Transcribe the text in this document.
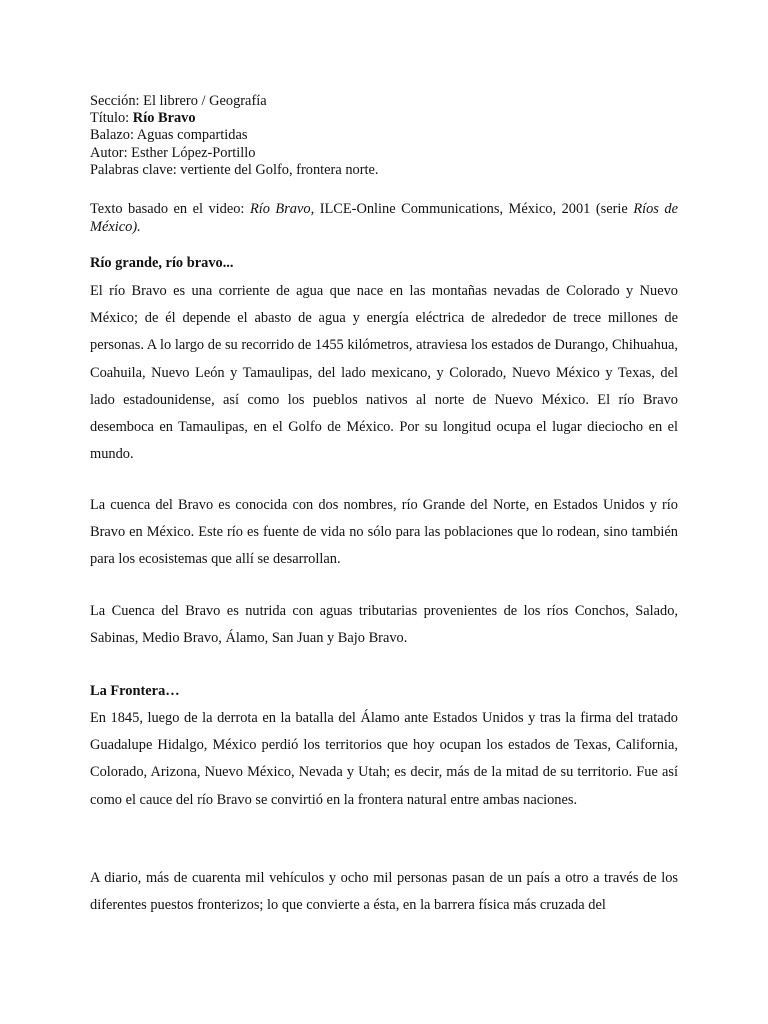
Sección: El librero / Geografía
Título: Río Bravo
Balazo: Aguas compartidas
Autor: Esther López-Portillo
Palabras clave: vertiente del Golfo, frontera norte.
Texto basado en el video: Río Bravo, ILCE-Online Communications, México, 2001 (serie Ríos de México).
Río grande, río bravo...
El río Bravo es una corriente de agua que nace en las montañas nevadas de Colorado y Nuevo México; de él depende el abasto de agua y energía eléctrica de alrededor de trece millones de personas. A lo largo de su recorrido de 1455 kilómetros, atraviesa los estados de Durango, Chihuahua, Coahuila, Nuevo León y Tamaulipas, del lado mexicano, y Colorado, Nuevo México y Texas, del lado estadounidense, así como los pueblos nativos al norte de Nuevo México. El río Bravo desemboca en Tamaulipas, en el Golfo de México. Por su longitud ocupa el lugar dieciocho en el mundo.
La cuenca del Bravo es conocida con dos nombres, río Grande del Norte, en Estados Unidos y río Bravo en México. Este río es fuente de vida no sólo para las poblaciones que lo rodean, sino también para los ecosistemas que allí se desarrollan.
La Cuenca del Bravo es nutrida con aguas tributarias provenientes de los ríos Conchos, Salado, Sabinas, Medio Bravo, Álamo, San Juan y Bajo Bravo.
La Frontera…
En 1845, luego de la derrota en la batalla del Álamo ante Estados Unidos y tras la firma del tratado Guadalupe Hidalgo, México perdió los territorios que hoy ocupan los estados de Texas, California, Colorado, Arizona, Nuevo México, Nevada y Utah; es decir, más de la mitad de su territorio. Fue así como el cauce del río Bravo se convirtió en la frontera natural entre ambas naciones.
A diario, más de cuarenta mil vehículos y ocho mil personas pasan de un país a otro a través de los diferentes puestos fronterizos; lo que convierte a ésta, en la barrera física más cruzada del
